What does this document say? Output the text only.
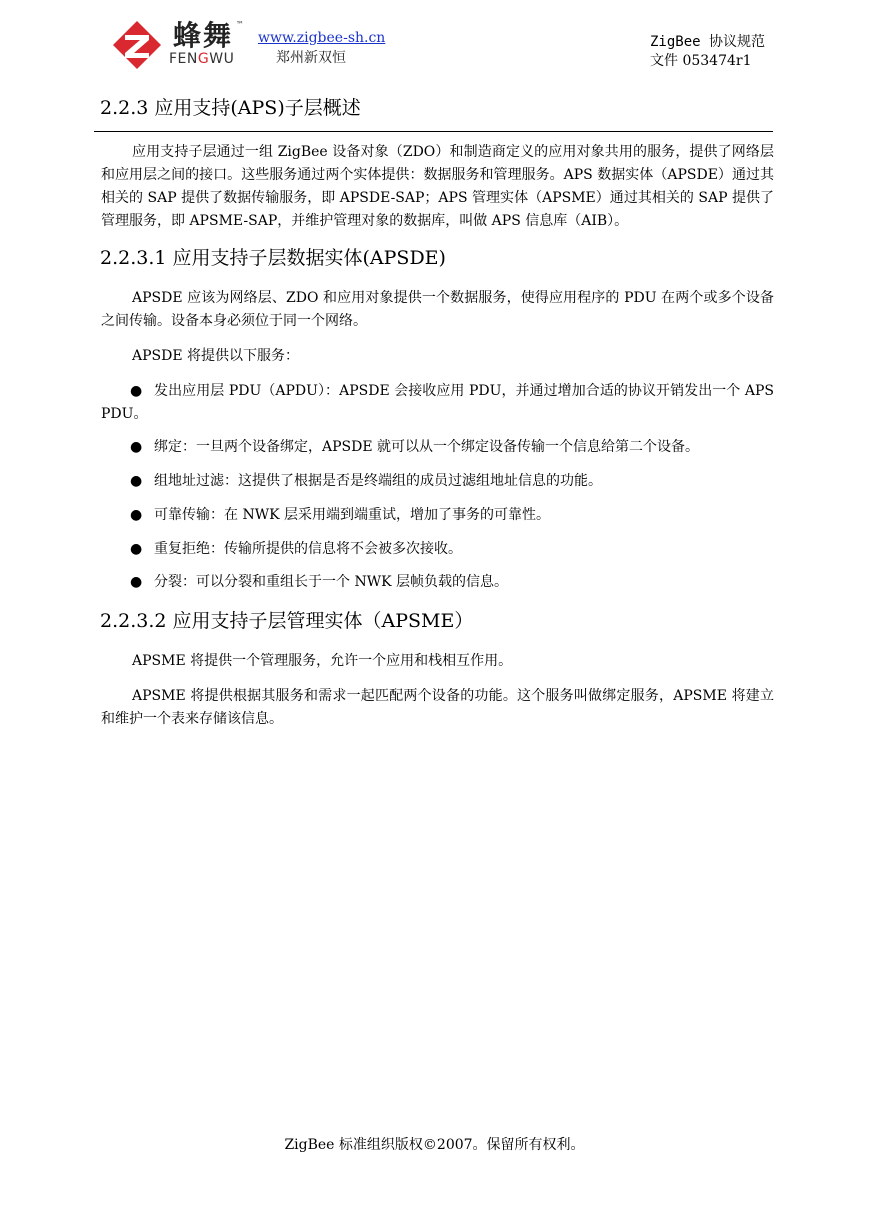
蜂舞 ™
FENGWU
www.zigbee-sh.cn
郑州新双恒
ZigBee 协议规范
文件 053474r1
2.2.3 应用支持(APS)子层概述
应用支持子层通过一组 ZigBee 设备对象（ZDO）和制造商定义的应用对象共用的服务，提供了网络层和应用层之间的接口。这些服务通过两个实体提供：数据服务和管理服务。APS 数据实体（APSDE）通过其相关的 SAP 提供了数据传输服务，即 APSDE-SAP；APS 管理实体（APSME）通过其相关的 SAP 提供了管理服务，即 APSME-SAP，并维护管理对象的数据库，叫做 APS 信息库（AIB）。
2.2.3.1 应用支持子层数据实体(APSDE)
APSDE 应该为网络层、ZDO 和应用对象提供一个数据服务，使得应用程序的 PDU 在两个或多个设备之间传输。设备本身必须位于同一个网络。
APSDE 将提供以下服务：
● 发出应用层 PDU（APDU）：APSDE 会接收应用 PDU，并通过增加合适的协议开销发出一个 APS PDU。
● 绑定：一旦两个设备绑定，APSDE 就可以从一个绑定设备传输一个信息给第二个设备。
● 组地址过滤：这提供了根据是否是终端组的成员过滤组地址信息的功能。
● 可靠传输：在 NWK 层采用端到端重试，增加了事务的可靠性。
● 重复拒绝：传输所提供的信息将不会被多次接收。
● 分裂：可以分裂和重组长于一个 NWK 层帧负载的信息。
2.2.3.2 应用支持子层管理实体（APSME）
APSME 将提供一个管理服务，允许一个应用和栈相互作用。
APSME 将提供根据其服务和需求一起匹配两个设备的功能。这个服务叫做绑定服务，APSME 将建立和维护一个表来存储该信息。
ZigBee 标准组织版权©2007。保留所有权利。
